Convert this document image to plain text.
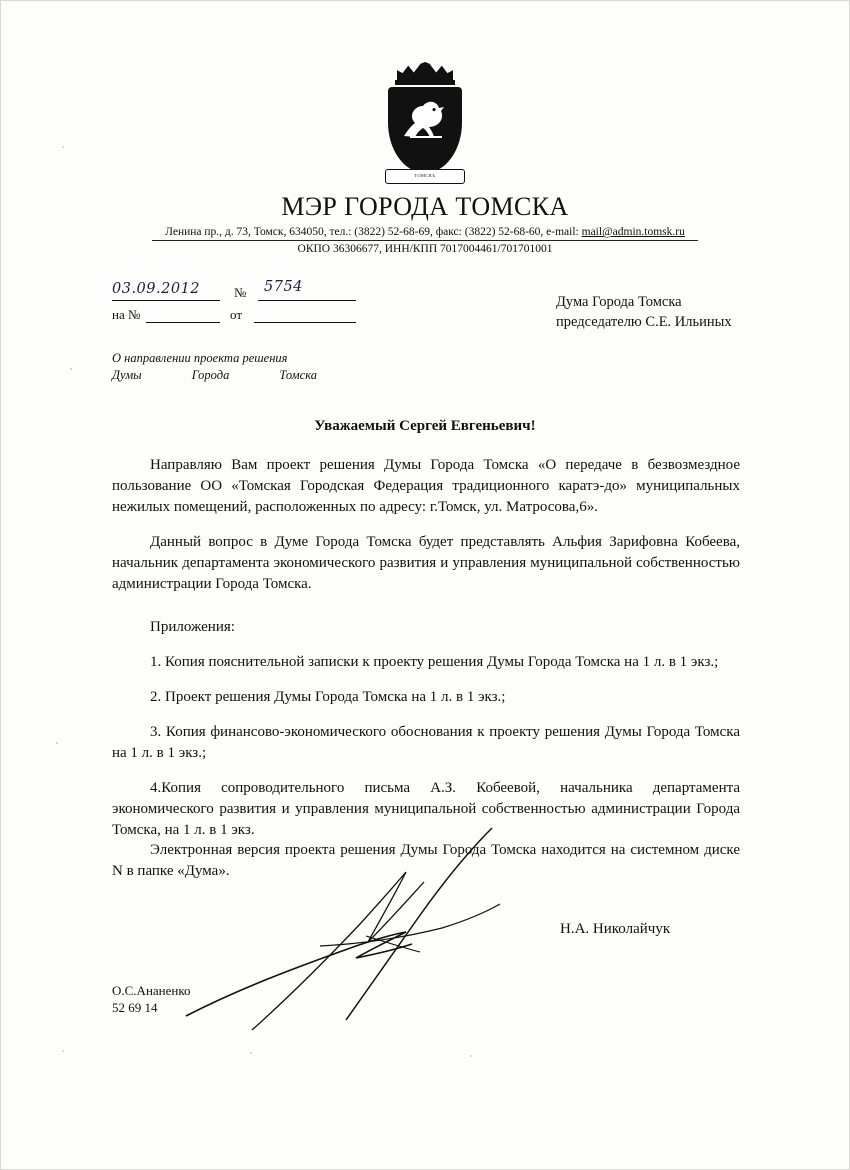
ТОМСКЪ
МЭР ГОРОДА ТОМСКА
Ленина пр., д. 73, Томск, 634050, тел.: (3822) 52-68-69, факс: (3822) 52-68-60, e-mail: mail@admin.tomsk.ru
ОКПО 36306677, ИНН/КПП 7017004461/701701001
03.09.2012	№ 5754
на №	от
Дума Города Томска
председателю С.Е. Ильиных
О направлении проекта решения
Думы	Города	Томска
Уважаемый Сергей Евгеньевич!

Направляю Вам проект решения Думы Города Томска «О передаче в безвозмездное пользование ОО «Томская Городская Федерация традиционного каратэ-до» муниципальных нежилых помещений, расположенных по адресу: г.Томск, ул. Матросова,6».

Данный вопрос в Думе Города Томска будет представлять Альфия Зарифовна Кобеева, начальник департамента экономического развития и управления муниципальной собственностью администрации Города Томска.

Приложения:

1. Копия пояснительной записки к проекту решения Думы Города Томска на 1 л. в 1 экз.;

2. Проект решения Думы Города Томска на 1 л. в 1 экз.;

3. Копия финансово-экономического обоснования к проекту решения Думы Города Томска на 1 л. в 1 экз.;

4.Копия сопроводительного письма А.З. Кобеевой, начальника департамента экономического развития и управления муниципальной собственностью администрации Города Томска, на 1 л. в 1 экз.

Электронная версия проекта решения Думы Города Томска находится на системном диске N в папке «Дума».
Н.А. Николайчук
О.С.Ананенко
52 69 14
